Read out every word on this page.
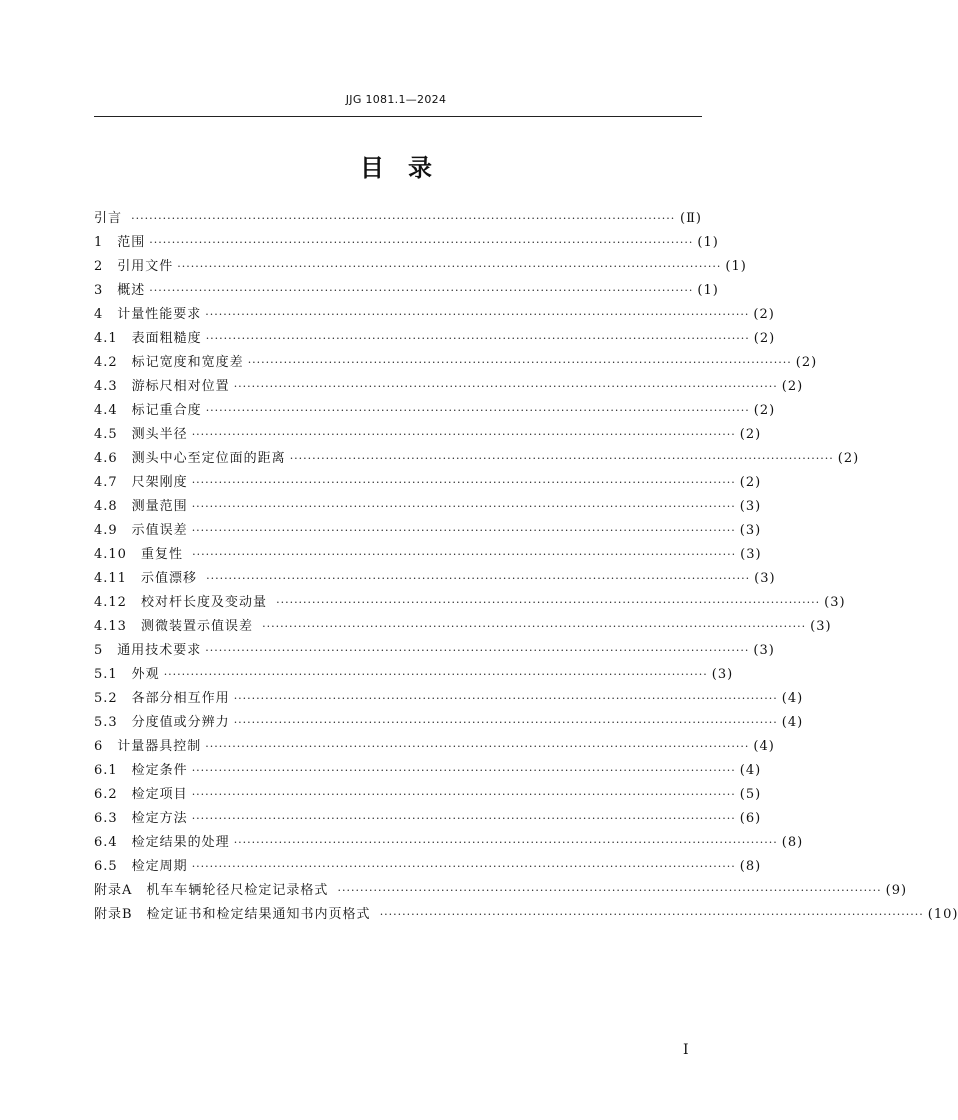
JJG 1081.1—2024
目　录
引言 ························································································································· (Ⅱ)
1　范围 ························································································································· (1)
2　引用文件 ························································································································· (1)
3　概述 ························································································································· (1)
4　计量性能要求 ························································································································· (2)
4.1　表面粗糙度 ························································································································· (2)
4.2　标记宽度和宽度差 ························································································································· (2)
4.3　游标尺相对位置 ························································································································· (2)
4.4　标记重合度 ························································································································· (2)
4.5　测头半径 ························································································································· (2)
4.6　测头中心至定位面的距离 ························································································································· (2)
4.7　尺架刚度 ························································································································· (2)
4.8　测量范围 ························································································································· (3)
4.9　示值误差 ························································································································· (3)
4.10　重复性 ························································································································· (3)
4.11　示值漂移 ························································································································· (3)
4.12　校对杆长度及变动量 ························································································································· (3)
4.13　测微装置示值误差 ························································································································· (3)
5　通用技术要求 ························································································································· (3)
5.1　外观 ························································································································· (3)
5.2　各部分相互作用 ························································································································· (4)
5.3　分度值或分辨力 ························································································································· (4)
6　计量器具控制 ························································································································· (4)
6.1　检定条件 ························································································································· (4)
6.2　检定项目 ························································································································· (5)
6.3　检定方法 ························································································································· (6)
6.4　检定结果的处理 ························································································································· (8)
6.5　检定周期 ························································································································· (8)
附录A　机车车辆轮径尺检定记录格式 ························································································································· (9)
附录B　检定证书和检定结果通知书内页格式 ························································································································· (10)
I
